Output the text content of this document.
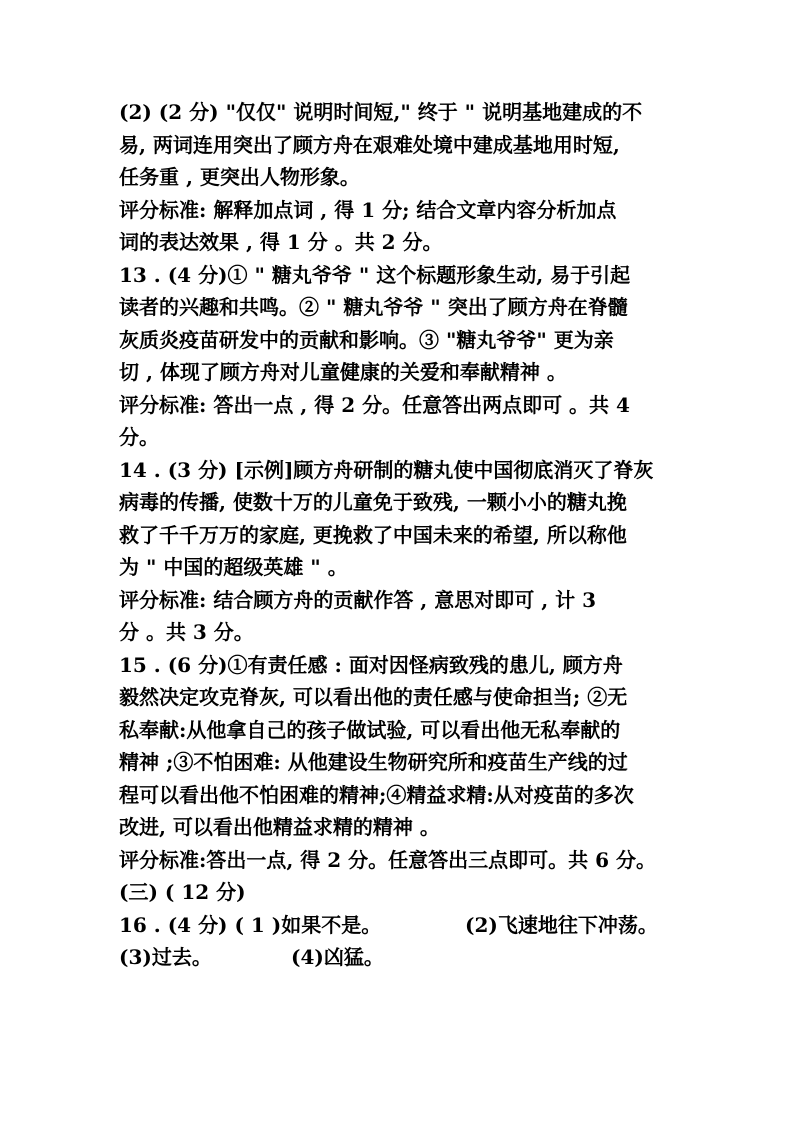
(2) (2 分) "仅仅" 说明时间短," 终于 " 说明基地建成的不
易, 两词连用突出了顾方舟在艰难处境中建成基地用时短,
任务重 , 更突出人物形象。
评分标准: 解释加点词 , 得 1 分; 结合文章内容分析加点
词的表达效果 , 得 1 分 。共 2 分。
13 . (4 分)① " 糖丸爷爷 " 这个标题形象生动, 易于引起
读者的兴趣和共鸣。② " 糖丸爷爷 " 突出了顾方舟在脊髓
灰质炎疫苗研发中的贡献和影响。③ "糖丸爷爷" 更为亲
切 , 体现了顾方舟对儿童健康的关爱和奉献精神 。
评分标准: 答出一点 , 得 2 分。任意答出两点即可 。共 4
分。
14 . (3 分) [示例]顾方舟研制的糖丸使中国彻底消灭了脊灰
病毒的传播, 使数十万的儿童免于致残, 一颗小小的糖丸挽
救了千千万万的家庭, 更挽救了中国未来的希望, 所以称他
为 " 中国的超级英雄 " 。
评分标准: 结合顾方舟的贡献作答 , 意思对即可 , 计 3
分 。共 3 分。
15 . (6 分)①有责任感 : 面对因怪病致残的患儿, 顾方舟
毅然决定攻克脊灰, 可以看出他的责任感与使命担当; ②无
私奉献:从他拿自己的孩子做试验, 可以看出他无私奉献的
精神 ;③不怕困难: 从他建设生物研究所和疫苗生产线的过
程可以看出他不怕困难的精神;④精益求精:从对疫苗的多次
改进, 可以看出他精益求精的精神 。
评分标准:答出一点, 得 2 分。任意答出三点即可。共 6 分。
(三) ( 12 分)
16 . (4 分) ( 1 )如果不是。	(2)飞速地往下冲荡。
(3)过去。	(4)凶猛。
